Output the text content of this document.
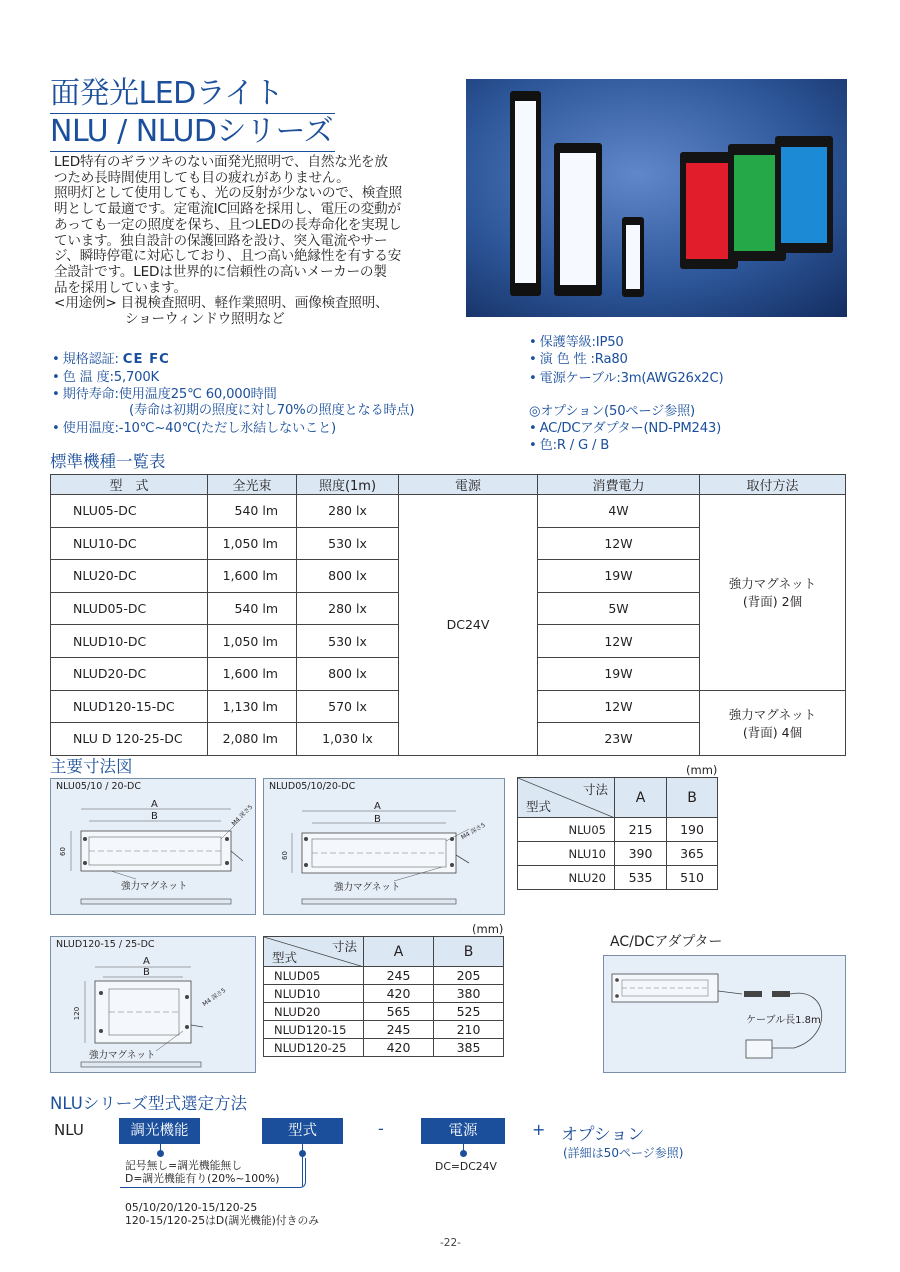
面発光LEDライト
NLU / NLUDシリーズ
LED特有のギラツキのない面発光照明で、自然な光を放
つため長時間使用しても目の疲れがありません。
照明灯として使用しても、光の反射が少ないので、検査照
明として最適です。定電流IC回路を採用し、電圧の変動が
あっても一定の照度を保ち、且つLEDの長寿命化を実現し
ています。独自設計の保護回路を設け、突入電流やサー
ジ、瞬時停電に対応しており、且つ高い絶縁性を有する安
全設計です。LEDは世界的に信頼性の高いメーカーの製
品を採用しています。
<用途例> 目視検査照明、軽作業照明、画像検査照明、
ショーウィンドウ照明など
• 規格認証: CE FC
• 色 温 度:5,700K
• 期待寿命:使用温度25℃ 60,000時間
(寿命は初期の照度に対し70%の照度となる時点)
• 使用温度:-10℃~40℃(ただし氷結しないこと)
• 保護等級:IP50
• 演 色 性 :Ra80
• 電源ケーブル:3m(AWG26x2C)
◎オプション(50ページ参照)
• AC/DCアダプター(ND-PM243)
• 色:R / G / B
標準機種一覧表
型　式	全光束	照度(1m)	電源	消費電力	取付方法
NLU05-DC	540 lm	280 lx	DC24V	4W	強力マグネット
(背面) 2個

NLU10-DC	1,050 lm	530 lx		12W	
NLU20-DC	1,600 lm	800 lx		19W	
NLUD05-DC	540 lm	280 lx		5W	
NLUD10-DC	1,050 lm	530 lx		12W	
NLUD20-DC	1,600 lm	800 lx		19W	
NLUD120-15-DC	1,130 lm	570 lx		12W	強力マグネット
(背面) 4個

NLU D 120-25-DC	2,080 lm	1,030 lx		23W	
主要寸法図
NLU05/10 / 20-DC
A
B
60
M4 深さ5
強力マグネット
NLUD05/10/20-DC
A
B
60
M4 深さ5
強力マグネット
(mm)
寸法
型式	A	B
NLU05	215	190
NLU10	390	365
NLU20	535	510
NLUD120-15 / 25-DC
A
B
120
M4 深さ5
強力マグネット
(mm)
寸法
型式	A	B
NLUD05	245	205
NLUD10	420	380
NLUD20	565	525
NLUD120-15	245	210
NLUD120-25	420	385
AC/DCアダプター
ケーブル長1.8m
NLUシリーズ型式選定方法
NLU	調光機能	型式	-	電源	+ オプション
(詳細は50ページ参照)
記号無し=調光機能無し
D=調光機能有り(20%~100%)
05/10/20/120-15/120-25
120-15/120-25はD(調光機能)付きのみ
DC=DC24V
-22-
